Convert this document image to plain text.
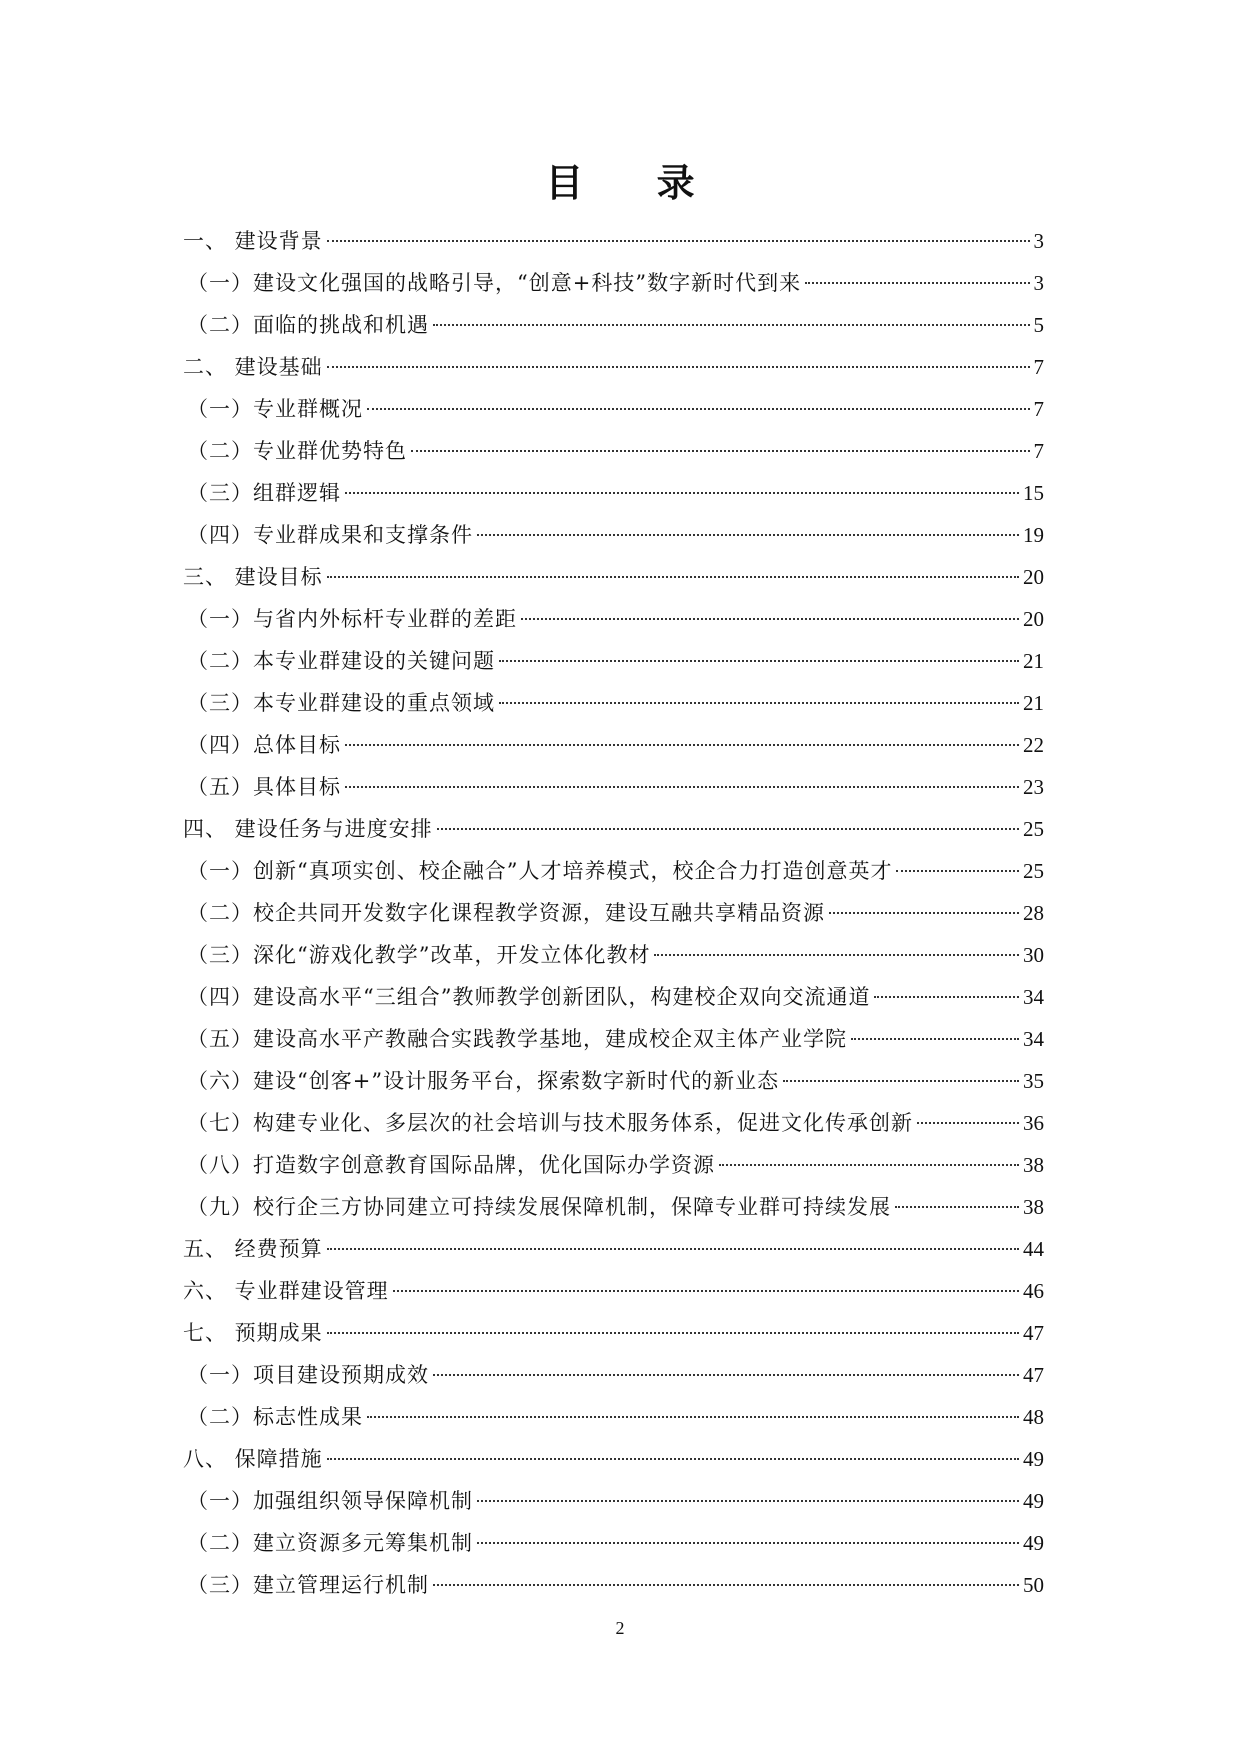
目 录
一、 建设背景	3
（一）建设文化强国的战略引导，“创意+科技”数字新时代到来	3
（二）面临的挑战和机遇	5
二、 建设基础	7
（一）专业群概况	7
（二）专业群优势特色	7
（三）组群逻辑	15
（四）专业群成果和支撑条件	19
三、 建设目标	20
（一）与省内外标杆专业群的差距	20
（二）本专业群建设的关键问题	21
（三）本专业群建设的重点领域	21
（四）总体目标	22
（五）具体目标	23
四、 建设任务与进度安排	25
（一）创新“真项实创、校企融合”人才培养模式，校企合力打造创意英才	25
（二）校企共同开发数字化课程教学资源，建设互融共享精品资源	28
（三）深化“游戏化教学”改革，开发立体化教材	30
（四）建设高水平“三组合”教师教学创新团队，构建校企双向交流通道	34
（五）建设高水平产教融合实践教学基地，建成校企双主体产业学院	34
（六）建设“创客+”设计服务平台，探索数字新时代的新业态	35
（七）构建专业化、多层次的社会培训与技术服务体系，促进文化传承创新	36
（八）打造数字创意教育国际品牌，优化国际办学资源	38
（九）校行企三方协同建立可持续发展保障机制，保障专业群可持续发展	38
五、 经费预算	44
六、 专业群建设管理	46
七、 预期成果	47
（一）项目建设预期成效	47
（二）标志性成果	48
八、 保障措施	49
（一）加强组织领导保障机制	49
（二）建立资源多元筹集机制	49
（三）建立管理运行机制	50
2
